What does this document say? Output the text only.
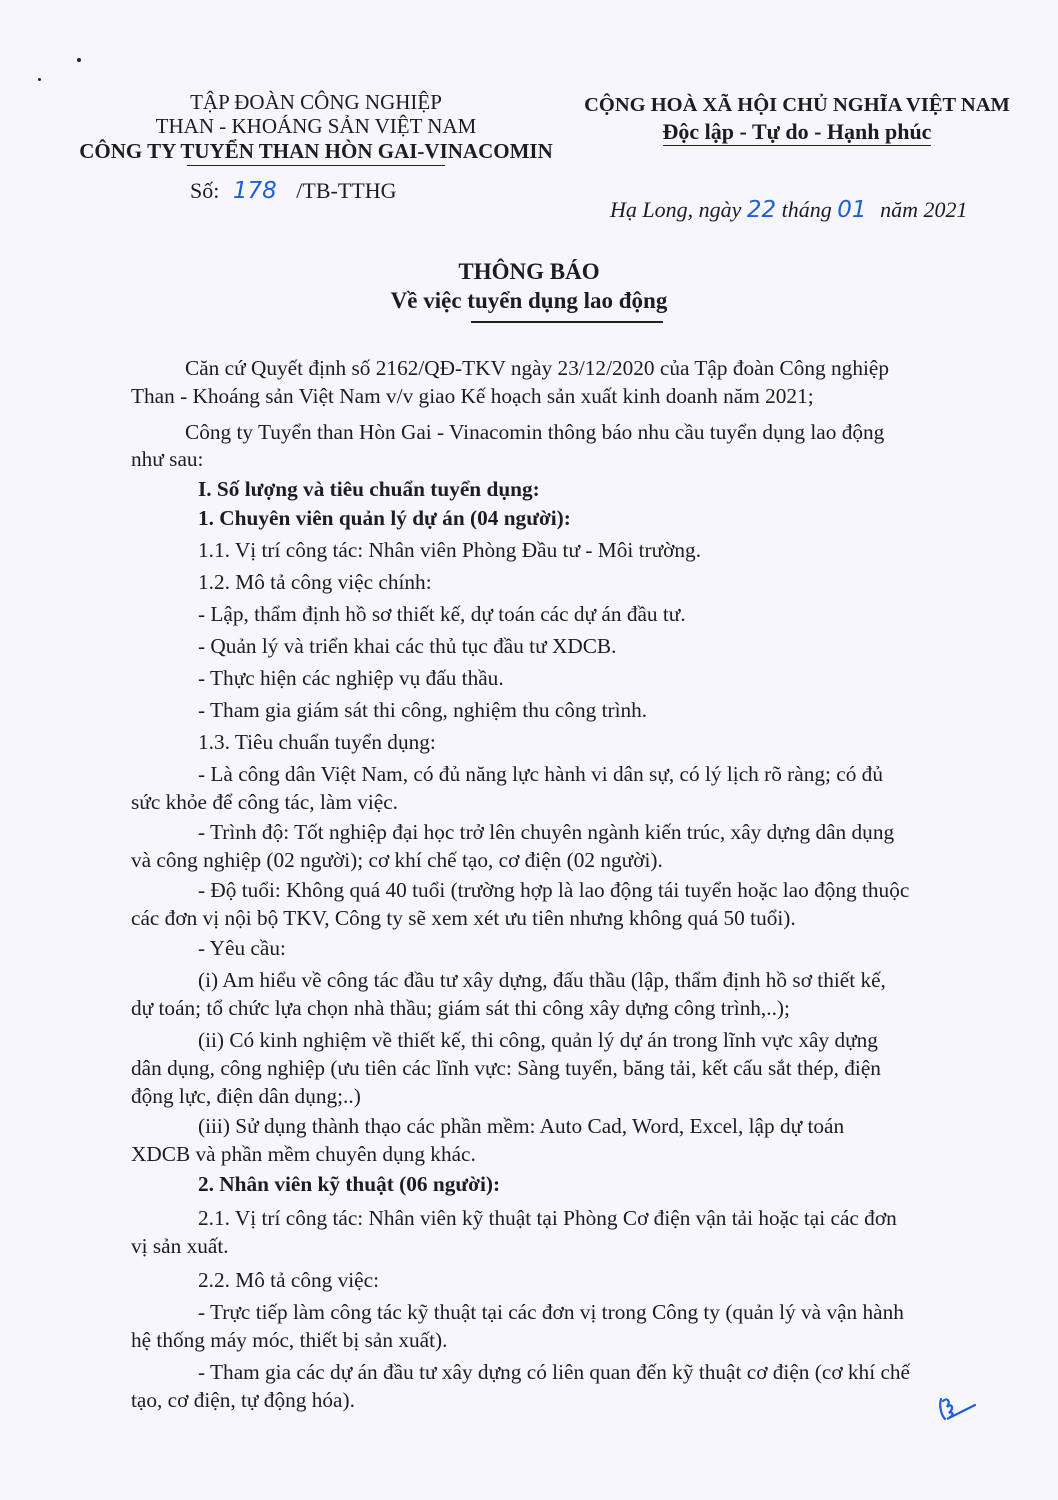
TẬP ĐOÀN CÔNG NGHIỆP
THAN - KHOÁNG SẢN VIỆT NAM
CÔNG TY TUYỂN THAN HÒN GAI-VINACOMIN
Số: 178 /TB-TTHG
CỘNG HOÀ XÃ HỘI CHỦ NGHĨA VIỆT NAM
Độc lập - Tự do - Hạnh phúc
Hạ Long, ngày 22 tháng 01 năm 2021
THÔNG BÁO
Về việc tuyển dụng lao động
Căn cứ Quyết định số 2162/QĐ-TKV ngày 23/12/2020 của Tập đoàn Công nghiệp
Than - Khoáng sản Việt Nam v/v giao Kế hoạch sản xuất kinh doanh năm 2021;
Công ty Tuyển than Hòn Gai - Vinacomin thông báo nhu cầu tuyển dụng lao động
như sau:
I. Số lượng và tiêu chuẩn tuyển dụng:
1. Chuyên viên quản lý dự án (04 người):
1.1. Vị trí công tác: Nhân viên Phòng Đầu tư - Môi trường.
1.2. Mô tả công việc chính:
- Lập, thẩm định hồ sơ thiết kế, dự toán các dự án đầu tư.
- Quản lý và triển khai các thủ tục đầu tư XDCB.
- Thực hiện các nghiệp vụ đấu thầu.
- Tham gia giám sát thi công, nghiệm thu công trình.
1.3. Tiêu chuẩn tuyển dụng:
- Là công dân Việt Nam, có đủ năng lực hành vi dân sự, có lý lịch rõ ràng; có đủ
sức khỏe để công tác, làm việc.
- Trình độ: Tốt nghiệp đại học trở lên chuyên ngành kiến trúc, xây dựng dân dụng
và công nghiệp (02 người); cơ khí chế tạo, cơ điện (02 người).
- Độ tuổi: Không quá 40 tuổi (trường hợp là lao động tái tuyển hoặc lao động thuộc
các đơn vị nội bộ TKV, Công ty sẽ xem xét ưu tiên nhưng không quá 50 tuổi).
- Yêu cầu:
(i) Am hiểu về công tác đầu tư xây dựng, đấu thầu (lập, thẩm định hồ sơ thiết kế,
dự toán; tổ chức lựa chọn nhà thầu; giám sát thi công xây dựng công trình,..);
(ii) Có kinh nghiệm về thiết kế, thi công, quản lý dự án trong lĩnh vực xây dựng
dân dụng, công nghiệp (ưu tiên các lĩnh vực: Sàng tuyển, băng tải, kết cấu sắt thép, điện
động lực, điện dân dụng;..)
(iii) Sử dụng thành thạo các phần mềm: Auto Cad, Word, Excel, lập dự toán
XDCB và phần mềm chuyên dụng khác.
2. Nhân viên kỹ thuật (06 người):
2.1. Vị trí công tác: Nhân viên kỹ thuật tại Phòng Cơ điện vận tải hoặc tại các đơn
vị sản xuất.
2.2. Mô tả công việc:
- Trực tiếp làm công tác kỹ thuật tại các đơn vị trong Công ty (quản lý và vận hành
hệ thống máy móc, thiết bị sản xuất).
- Tham gia các dự án đầu tư xây dựng có liên quan đến kỹ thuật cơ điện (cơ khí chế
tạo, cơ điện, tự động hóa).
